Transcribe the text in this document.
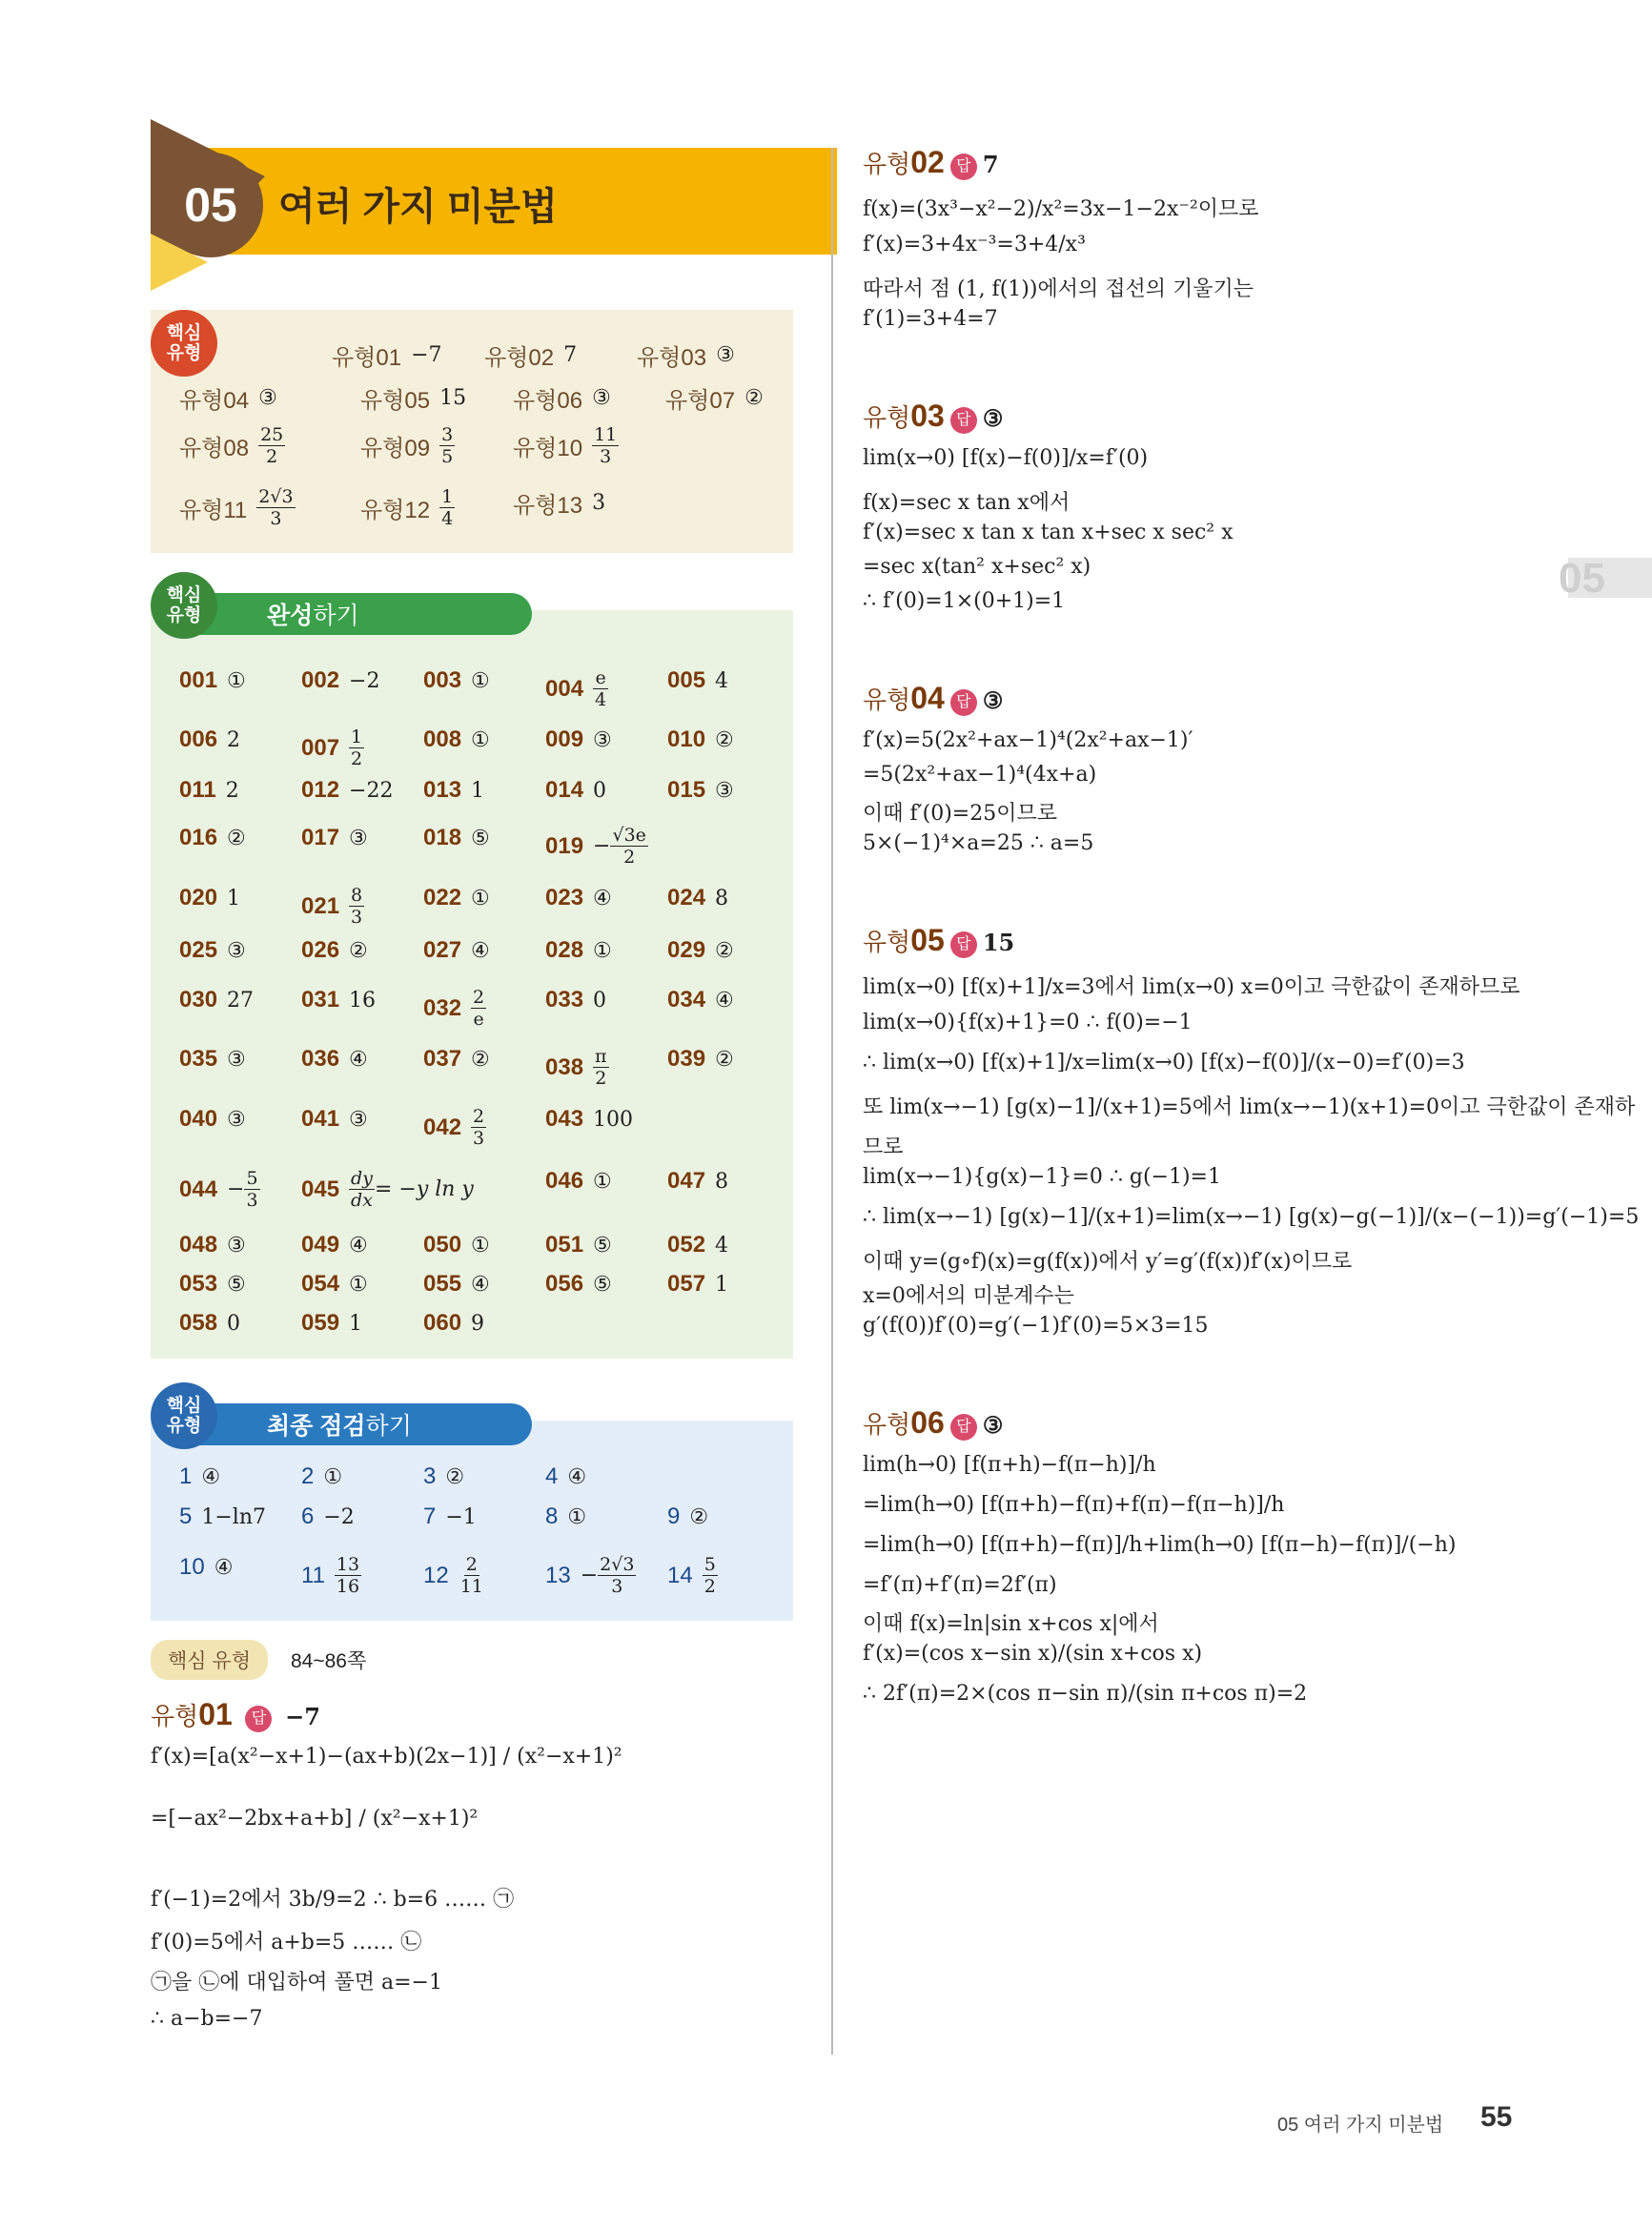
05	여러 가지 미분법
05
핵심
유형	유형01 −7 유형02 7	유형03 ③
유형04 ③	유형05 15 유형06 ③ 유형07 ②
유형$08 \frac{25}{2}$	유형$09 \frac{3}{5}$	유형$10 \frac{11}{3}$
유형$11 \frac{2√3}{3}$	유형$12 \frac{1}{4}$	유형13 3
완성 하기
핵심
유형
001 ① 002 −2 003 ① $004 \frac{e}{4}$	005 4
006 2	$007 \frac{1}{2}$	008 ① 009 ③ 010 ②
011 2	012 −22 013 1	014 0	015 ③
016 ② 017 ③ 018 ⑤ $019 - \frac{√3e}{2}$
020 1	$021 \frac{8}{3}$	022 ① 023 ④ 024 8
025 ③ 026 ② 027 ④ 028 ① 029 ②
030 27 031 16 $032 \frac{2}{e}$	033 0	034 ④
035 ③ 036 ④ 037 ② $038 \frac{\pi}{2}$	039 ②
040 ③ 041 ③ $042 \frac{2}{3}$	043 100
$044 - \frac{5}{3} 045 \frac{dy}{dx} = -y$ ln y	046 ① 047 8
048 ③ 049 ④ 050 ① 051 ⑤ 052 4
053 ⑤ 054 ① 055 ④ 056 ⑤ 057 1
058 0	059 1	060 9
최종 점검 하기
핵심
유형
1 ④	2 ①	3 ②	4 ④
5 1−ln7 6 −2	7 −1	8 ①	9 ②
10 ④	$11 \frac{13}{16}$	$12 \frac{2}{11}$	$13 - \frac{2√3}{3} 14 \frac{5}{2}$
핵심 유형	84~86쪽
유형01 답 −7
f′(x)=[a(x²−x+1)−(ax+b)(2x−1)] / (x²−x+1)²
=[−ax²−2bx+a+b] / (x²−x+1)²
f′(−1)=2에서 3b/9=2 ∴ b=6 …… ㉠
f′(0)=5에서 a+b=5 …… ㉡
㉠을 ㉡에 대입하여 풀면 a=−1
∴ a−b=−7
유형02 답 7
f(x)=(3x³−x²−2)/x²=3x−1−2x⁻²이므로
f′(x)=3+4x⁻³=3+4/x³
따라서 점 (1, f(1))에서의 접선의 기울기는
f′(1)=3+4=7
유형03 답 ③
lim(x→0) [f(x)−f(0)]/x=f′(0)
f(x)=sec x tan x에서
f′(x)=sec x tan x tan x+sec x sec² x
=sec x(tan² x+sec² x)
∴ f′(0)=1×(0+1)=1
유형04 답 ③
f′(x)=5(2x²+ax−1)⁴(2x²+ax−1)′
=5(2x²+ax−1)⁴(4x+a)
이때 f′(0)=25이므로
5×(−1)⁴×a=25 ∴ a=5
유형05 답 15
lim(x→0) [f(x)+1]/x=3에서 lim(x→0) x=0이고 극한값이 존재하므로
lim(x→0){f(x)+1}=0 ∴ f(0)=−1
∴ lim(x→0) [f(x)+1]/x=lim(x→0) [f(x)−f(0)]/(x−0)=f′(0)=3
또 lim(x→−1) [g(x)−1]/(x+1)=5에서 lim(x→−1)(x+1)=0이고 극한값이 존재하
므로
lim(x→−1){g(x)−1}=0 ∴ g(−1)=1
∴ lim(x→−1) [g(x)−1]/(x+1)=lim(x→−1) [g(x)−g(−1)]/(x−(−1))=g′(−1)=5
이때 y=(g∘f)(x)=g(f(x))에서 y′=g′(f(x))f′(x)이므로
x=0에서의 미분계수는
g′(f(0))f′(0)=g′(−1)f′(0)=5×3=15
유형06 답 ③
lim(h→0) [f(π+h)−f(π−h)]/h
=lim(h→0) [f(π+h)−f(π)+f(π)−f(π−h)]/h
=lim(h→0) [f(π+h)−f(π)]/h+lim(h→0) [f(π−h)−f(π)]/(−h)
=f′(π)+f′(π)=2f′(π)
이때 f(x)=ln|sin x+cos x|에서
f′(x)=(cos x−sin x)/(sin x+cos x)
∴ 2f′(π)=2×(cos π−sin π)/(sin π+cos π)=2
05 여러 가지 미분법 55
